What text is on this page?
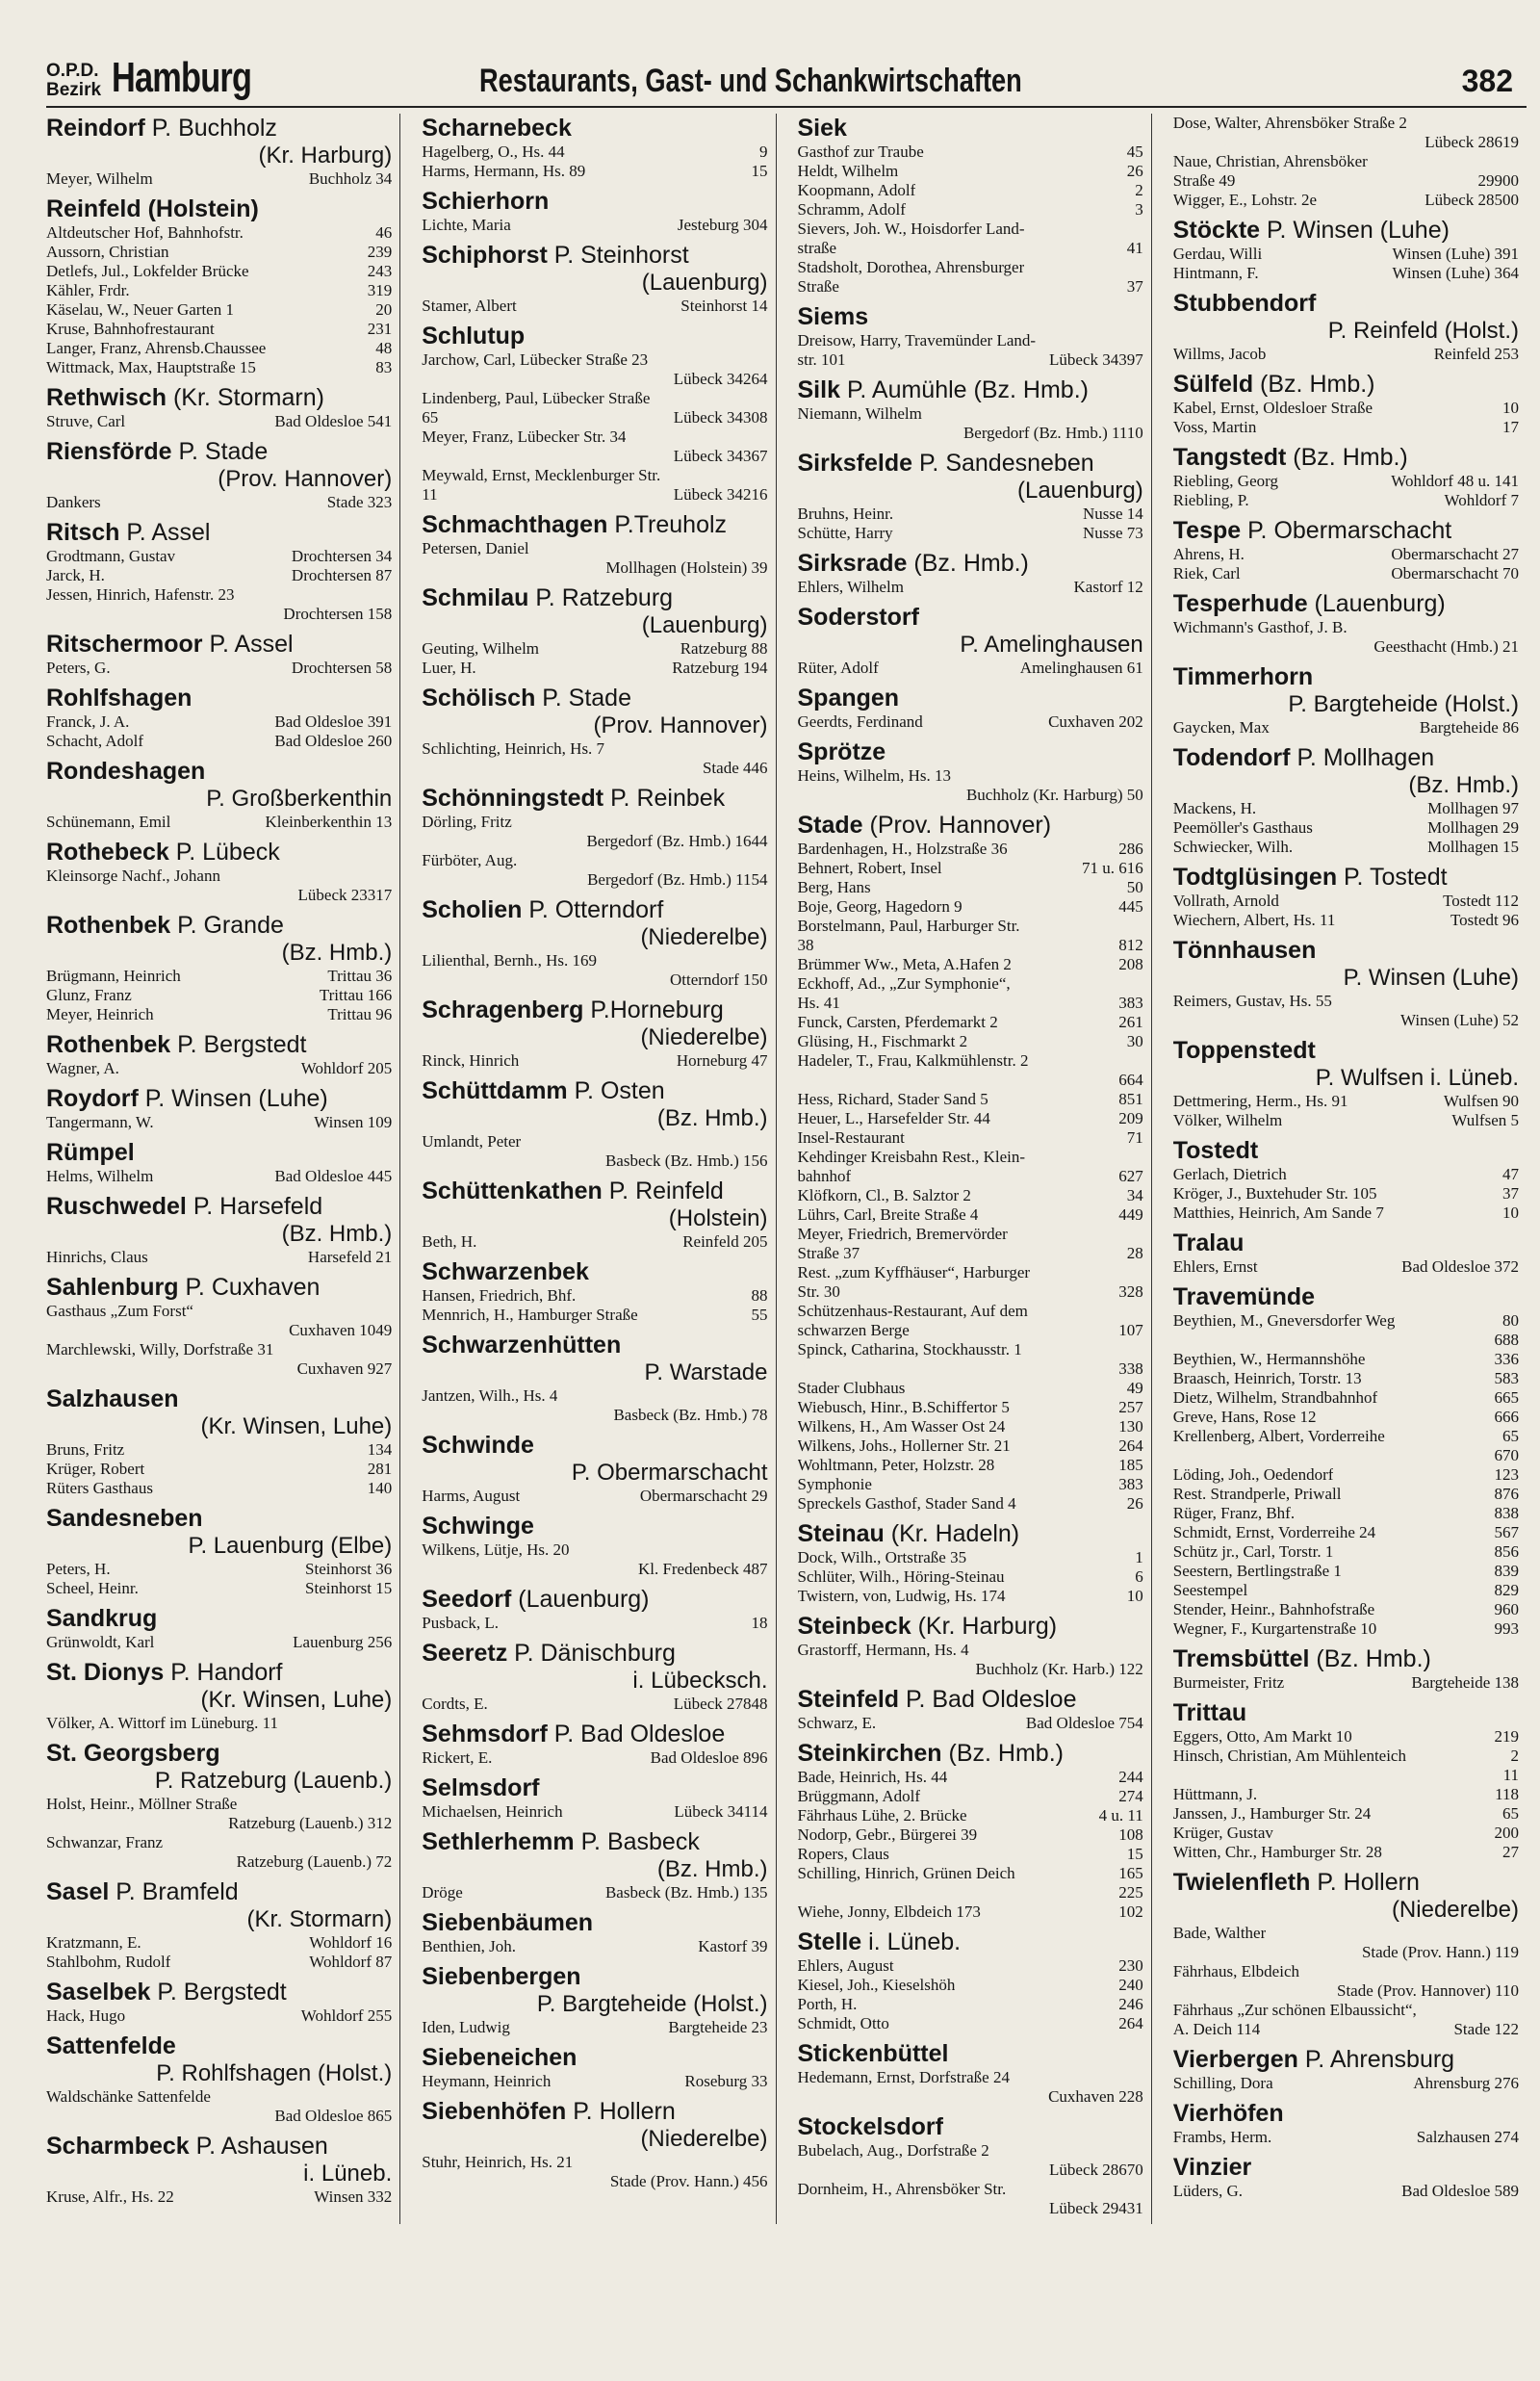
O.P.D.
Bezirk Hamburg	Restaurants, Gast- und Schankwirtschaften	382
Reindorf P. Buchholz
(Kr. Harburg)
Meyer, Wilhelm	Buchholz 34
Reinfeld (Holstein)
Altdeutscher Hof, Bahnhofstr.	46
Aussorn, Christian	239
Detlefs, Jul., Lokfelder Brücke	243
Kähler, Frdr.	319
Käselau, W., Neuer Garten 1	20
Kruse, Bahnhofrestaurant	231
Langer, Franz, Ahrensb.Chaussee	48
Wittmack, Max, Hauptstraße 15	83
Rethwisch (Kr. Stormarn)
Struve, Carl	Bad Oldesloe 541
Riensförde P. Stade
(Prov. Hannover)
Dankers	Stade 323
Ritsch P. Assel
Grodtmann, Gustav	Drochtersen 34
Jarck, H.	Drochtersen 87
Jessen, Hinrich, Hafenstr. 23
Drochtersen 158
Ritschermoor P. Assel
Peters, G.	Drochtersen 58
Rohlfshagen
Franck, J. A.	Bad Oldesloe 391
Schacht, Adolf	Bad Oldesloe 260
Rondeshagen
P. Großberkenthin
Schünemann, Emil	Kleinberkenthin 13
Rothebeck P. Lübeck
Kleinsorge Nachf., Johann
Lübeck 23317
Rothenbek P. Grande
(Bz. Hmb.)
Brügmann, Heinrich	Trittau 36
Glunz, Franz	Trittau 166
Meyer, Heinrich	Trittau 96
Rothenbek P. Bergstedt
Wagner, A.	Wohldorf 205
Roydorf P. Winsen (Luhe)
Tangermann, W.	Winsen 109
Rümpel
Helms, Wilhelm	Bad Oldesloe 445
Ruschwedel P. Harsefeld
(Bz. Hmb.)
Hinrichs, Claus	Harsefeld 21
Sahlenburg P. Cuxhaven
Gasthaus „Zum Forst“
Cuxhaven 1049
Marchlewski, Willy, Dorfstraße 31
Cuxhaven 927
Salzhausen
(Kr. Winsen, Luhe)
Bruns, Fritz	134
Krüger, Robert	281
Rüters Gasthaus	140
Sandesneben
P. Lauenburg (Elbe)
Peters, H.	Steinhorst 36
Scheel, Heinr.	Steinhorst 15
Sandkrug
Grünwoldt, Karl	Lauenburg 256
St. Dionys P. Handorf
(Kr. Winsen, Luhe)
Völker, A. Wittorf im Lüneburg. 11
St. Georgsberg
P. Ratzeburg (Lauenb.)
Holst, Heinr., Möllner Straße
Ratzeburg (Lauenb.) 312
Schwanzar, Franz
Ratzeburg (Lauenb.) 72
Sasel P. Bramfeld
(Kr. Stormarn)
Kratzmann, E.	Wohldorf 16
Stahlbohm, Rudolf	Wohldorf 87
Saselbek P. Bergstedt
Hack, Hugo	Wohldorf 255
Sattenfelde
P. Rohlfshagen (Holst.)
Waldschänke Sattenfelde
Bad Oldesloe 865
Scharmbeck P. Ashausen
i. Lüneb.
Kruse, Alfr., Hs. 22	Winsen 332
Scharnebeck
Hagelberg, O., Hs. 44	9
Harms, Hermann, Hs. 89	15
Schierhorn
Lichte, Maria	Jesteburg 304
Schiphorst P. Steinhorst
(Lauenburg)
Stamer, Albert	Steinhorst 14
Schlutup
Jarchow, Carl, Lübecker Straße 23
Lübeck 34264
Lindenberg, Paul, Lübecker Straße
65	Lübeck 34308
Meyer, Franz, Lübecker Str. 34
Lübeck 34367
Meywald, Ernst, Mecklenburger Str.
11	Lübeck 34216
Schmachthagen P.Treuholz
Petersen, Daniel
Mollhagen (Holstein) 39
Schmilau P. Ratzeburg
(Lauenburg)
Geuting, Wilhelm	Ratzeburg 88
Luer, H.	Ratzeburg 194
Schölisch P. Stade
(Prov. Hannover)
Schlichting, Heinrich, Hs. 7
Stade 446
Schönningstedt P. Reinbek
Dörling, Fritz
Bergedorf (Bz. Hmb.) 1644
Fürböter, Aug.
Bergedorf (Bz. Hmb.) 1154
Scholien P. Otterndorf
(Niederelbe)
Lilienthal, Bernh., Hs. 169
Otterndorf 150
Schragenberg P.Horneburg
(Niederelbe)
Rinck, Hinrich	Horneburg 47
Schüttdamm P. Osten
(Bz. Hmb.)
Umlandt, Peter
Basbeck (Bz. Hmb.) 156
Schüttenkathen P. Reinfeld
(Holstein)
Beth, H.	Reinfeld 205
Schwarzenbek
Hansen, Friedrich, Bhf.	88
Mennrich, H., Hamburger Straße	55
Schwarzenhütten
P. Warstade
Jantzen, Wilh., Hs. 4
Basbeck (Bz. Hmb.) 78
Schwinde
P. Obermarschacht
Harms, August	Obermarschacht 29
Schwinge
Wilkens, Lütje, Hs. 20
Kl. Fredenbeck 487
Seedorf (Lauenburg)
Pusback, L.	18
Seeretz P. Dänischburg
i. Lübecksch.
Cordts, E.	Lübeck 27848
Sehmsdorf P. Bad Oldesloe
Rickert, E.	Bad Oldesloe 896
Selmsdorf
Michaelsen, Heinrich	Lübeck 34114
Sethlerhemm P. Basbeck
(Bz. Hmb.)
Dröge	Basbeck (Bz. Hmb.) 135
Siebenbäumen
Benthien, Joh.	Kastorf 39
Siebenbergen
P. Bargteheide (Holst.)
Iden, Ludwig	Bargteheide 23
Siebeneichen
Heymann, Heinrich	Roseburg 33
Siebenhöfen P. Hollern
(Niederelbe)
Stuhr, Heinrich, Hs. 21
Stade (Prov. Hann.) 456
Siek
Gasthof zur Traube	45
Heldt, Wilhelm	26
Koopmann, Adolf	2
Schramm, Adolf	3
Sievers, Joh. W., Hoisdorfer Land-
straße	41
Stadsholt, Dorothea, Ahrensburger
Straße	37
Siems
Dreisow, Harry, Travemünder Land-
str. 101	Lübeck 34397
Silk P. Aumühle (Bz. Hmb.)
Niemann, Wilhelm
Bergedorf (Bz. Hmb.) 1110
Sirksfelde P. Sandesneben
(Lauenburg)
Bruhns, Heinr.	Nusse 14
Schütte, Harry	Nusse 73
Sirksrade (Bz. Hmb.)
Ehlers, Wilhelm	Kastorf 12
Soderstorf
P. Amelinghausen
Rüter, Adolf	Amelinghausen 61
Spangen
Geerdts, Ferdinand	Cuxhaven 202
Sprötze
Heins, Wilhelm, Hs. 13
Buchholz (Kr. Harburg) 50
Stade (Prov. Hannover)
Bardenhagen, H., Holzstraße 36	286
Behnert, Robert, Insel	71 u. 616
Berg, Hans	50
Boje, Georg, Hagedorn 9	445
Borstelmann, Paul, Harburger Str.
38	812
Brümmer Ww., Meta, A.Hafen 2	208
Eckhoff, Ad., „Zur Symphonie“,
Hs. 41	383
Funck, Carsten, Pferdemarkt 2	261
Glüsing, H., Fischmarkt 2	30
Hadeler, T., Frau, Kalkmühlenstr. 2
664
Hess, Richard, Stader Sand 5	851
Heuer, L., Harsefelder Str. 44	209
Insel-Restaurant	71
Kehdinger Kreisbahn Rest., Klein-
bahnhof	627
Klöfkorn, Cl., B. Salztor 2	34
Lührs, Carl, Breite Straße 4	449
Meyer, Friedrich, Bremervörder
Straße 37	28
Rest. „zum Kyffhäuser“, Harburger
Str. 30	328
Schützenhaus-Restaurant, Auf dem
schwarzen Berge	107
Spinck, Catharina, Stockhausstr. 1
338
Stader Clubhaus	49
Wiebusch, Hinr., B.Schiffertor 5	257
Wilkens, H., Am Wasser Ost 24	130
Wilkens, Johs., Hollerner Str. 21	264
Wohltmann, Peter, Holzstr. 28	185
Symphonie	383
Spreckels Gasthof, Stader Sand 4	26
Steinau (Kr. Hadeln)
Dock, Wilh., Ortstraße 35	1
Schlüter, Wilh., Höring-Steinau	6
Twistern, von, Ludwig, Hs. 174	10
Steinbeck (Kr. Harburg)
Grastorff, Hermann, Hs. 4
Buchholz (Kr. Harb.) 122
Steinfeld P. Bad Oldesloe
Schwarz, E.	Bad Oldesloe 754
Steinkirchen (Bz. Hmb.)
Bade, Heinrich, Hs. 44	244
Brüggmann, Adolf	274
Fährhaus Lühe, 2. Brücke	4 u. 11
Nodorp, Gebr., Bürgerei 39	108
Ropers, Claus	15
Schilling, Hinrich, Grünen Deich	165
225
Wiehe, Jonny, Elbdeich 173	102
Stelle i. Lüneb.
Ehlers, August	230
Kiesel, Joh., Kieselshöh	240
Porth, H.	246
Schmidt, Otto	264
Stickenbüttel
Hedemann, Ernst, Dorfstraße 24
Cuxhaven 228
Stockelsdorf
Bubelach, Aug., Dorfstraße 2
Lübeck 28670
Dornheim, H., Ahrensböker Str.
Lübeck 29431
Dose, Walter, Ahrensböker Straße 2
Lübeck 28619
Naue, Christian, Ahrensböker
Straße 49	29900
Wigger, E., Lohstr. 2e	Lübeck 28500
Stöckte P. Winsen (Luhe)
Gerdau, Willi	Winsen (Luhe) 391
Hintmann, F.	Winsen (Luhe) 364
Stubbendorf
P. Reinfeld (Holst.)
Willms, Jacob	Reinfeld 253
Sülfeld (Bz. Hmb.)
Kabel, Ernst, Oldesloer Straße	10
Voss, Martin	17
Tangstedt (Bz. Hmb.)
Riebling, Georg	Wohldorf 48 u. 141
Riebling, P.	Wohldorf 7
Tespe P. Obermarschacht
Ahrens, H.	Obermarschacht 27
Riek, Carl	Obermarschacht 70
Tesperhude (Lauenburg)
Wichmann's Gasthof, J. B.
Geesthacht (Hmb.) 21
Timmerhorn
P. Bargteheide (Holst.)
Gaycken, Max	Bargteheide 86
Todendorf P. Mollhagen
(Bz. Hmb.)
Mackens, H.	Mollhagen 97
Peemöller's Gasthaus	Mollhagen 29
Schwiecker, Wilh.	Mollhagen 15
Todtglüsingen P. Tostedt
Vollrath, Arnold	Tostedt 112
Wiechern, Albert, Hs. 11	Tostedt 96
Tönnhausen
P. Winsen (Luhe)
Reimers, Gustav, Hs. 55
Winsen (Luhe) 52
Toppenstedt
P. Wulfsen i. Lüneb.
Dettmering, Herm., Hs. 91	Wulfsen 90
Völker, Wilhelm	Wulfsen 5
Tostedt
Gerlach, Dietrich	47
Kröger, J., Buxtehuder Str. 105	37
Matthies, Heinrich, Am Sande 7	10
Tralau
Ehlers, Ernst	Bad Oldesloe 372
Travemünde
Beythien, M., Gneversdorfer Weg	80
688
Beythien, W., Hermannshöhe	336
Braasch, Heinrich, Torstr. 13	583
Dietz, Wilhelm, Strandbahnhof	665
Greve, Hans, Rose 12	666
Krellenberg, Albert, Vorderreihe	65
670
Löding, Joh., Oedendorf	123
Rest. Strandperle, Priwall	876
Rüger, Franz, Bhf.	838
Schmidt, Ernst, Vorderreihe 24	567
Schütz jr., Carl, Torstr. 1	856
Seestern, Bertlingstraße 1	839
Seestempel	829
Stender, Heinr., Bahnhofstraße	960
Wegner, F., Kurgartenstraße 10	993
Tremsbüttel (Bz. Hmb.)
Burmeister, Fritz	Bargteheide 138
Trittau
Eggers, Otto, Am Markt 10	219
Hinsch, Christian, Am Mühlenteich	2
11
Hüttmann, J.	118
Janssen, J., Hamburger Str. 24	65
Krüger, Gustav	200
Witten, Chr., Hamburger Str. 28	27
Twielenfleth P. Hollern
(Niederelbe)
Bade, Walther
Stade (Prov. Hann.) 119
Fährhaus, Elbdeich
Stade (Prov. Hannover) 110
Fährhaus „Zur schönen Elbaussicht“,
A. Deich 114	Stade 122
Vierbergen P. Ahrensburg
Schilling, Dora	Ahrensburg 276
Vierhöfen
Frambs, Herm.	Salzhausen 274
Vinzier
Lüders, G.	Bad Oldesloe 589
